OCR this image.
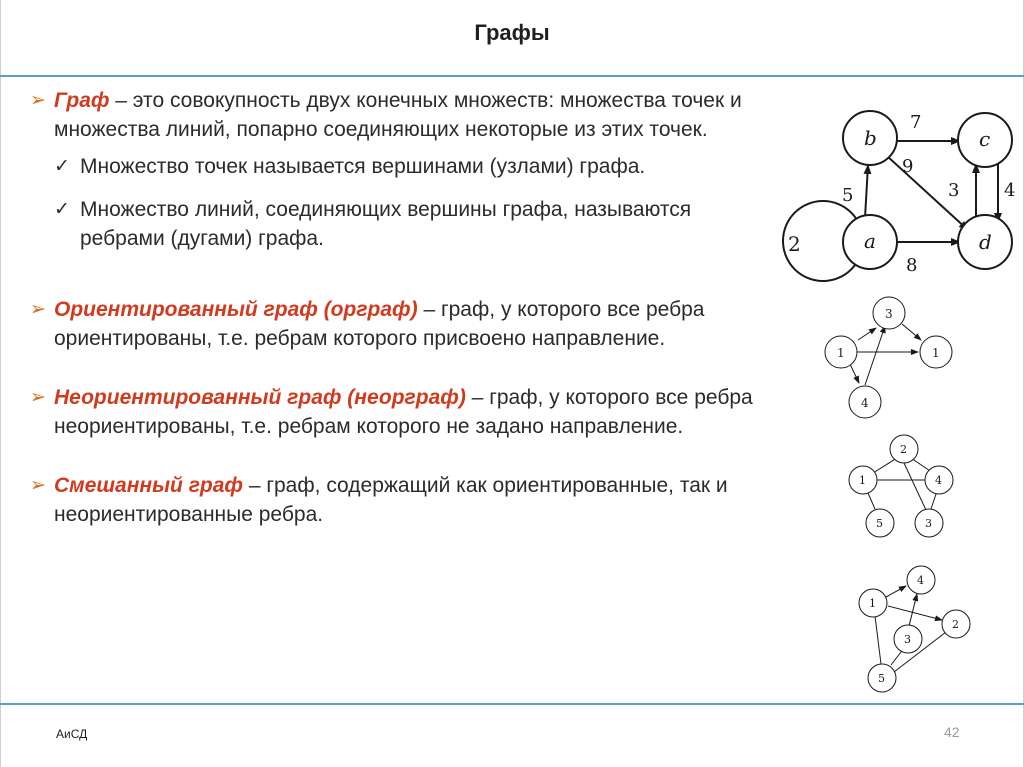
Графы
➢ Граф – это совокупность двух конечных множеств: множества точек и множества линий, попарно соединяющих некоторые из этих точек.
✓ Множество точек называется вершинами (узлами) графа.
✓ Множество линий, соединяющих вершины графа, называются ребрами (дугами) графа.
➢ Ориентированный граф (орграф) – граф, у которого все ребра ориентированы, т.е. ребрам которого присвоено направление.
➢ Неориентированный граф (неорграф) – граф, у которого все ребра неориентированы, т.е. ребрам которого не задано направление.
➢ Смешанный граф – граф, содержащий как ориентированные, так и неориентированные ребра.
b	c
a	d
7
9
5	3 4
8
2
3
1	1
4
2
1	4
5	3
4
1
2
3
5
АиСД	42
